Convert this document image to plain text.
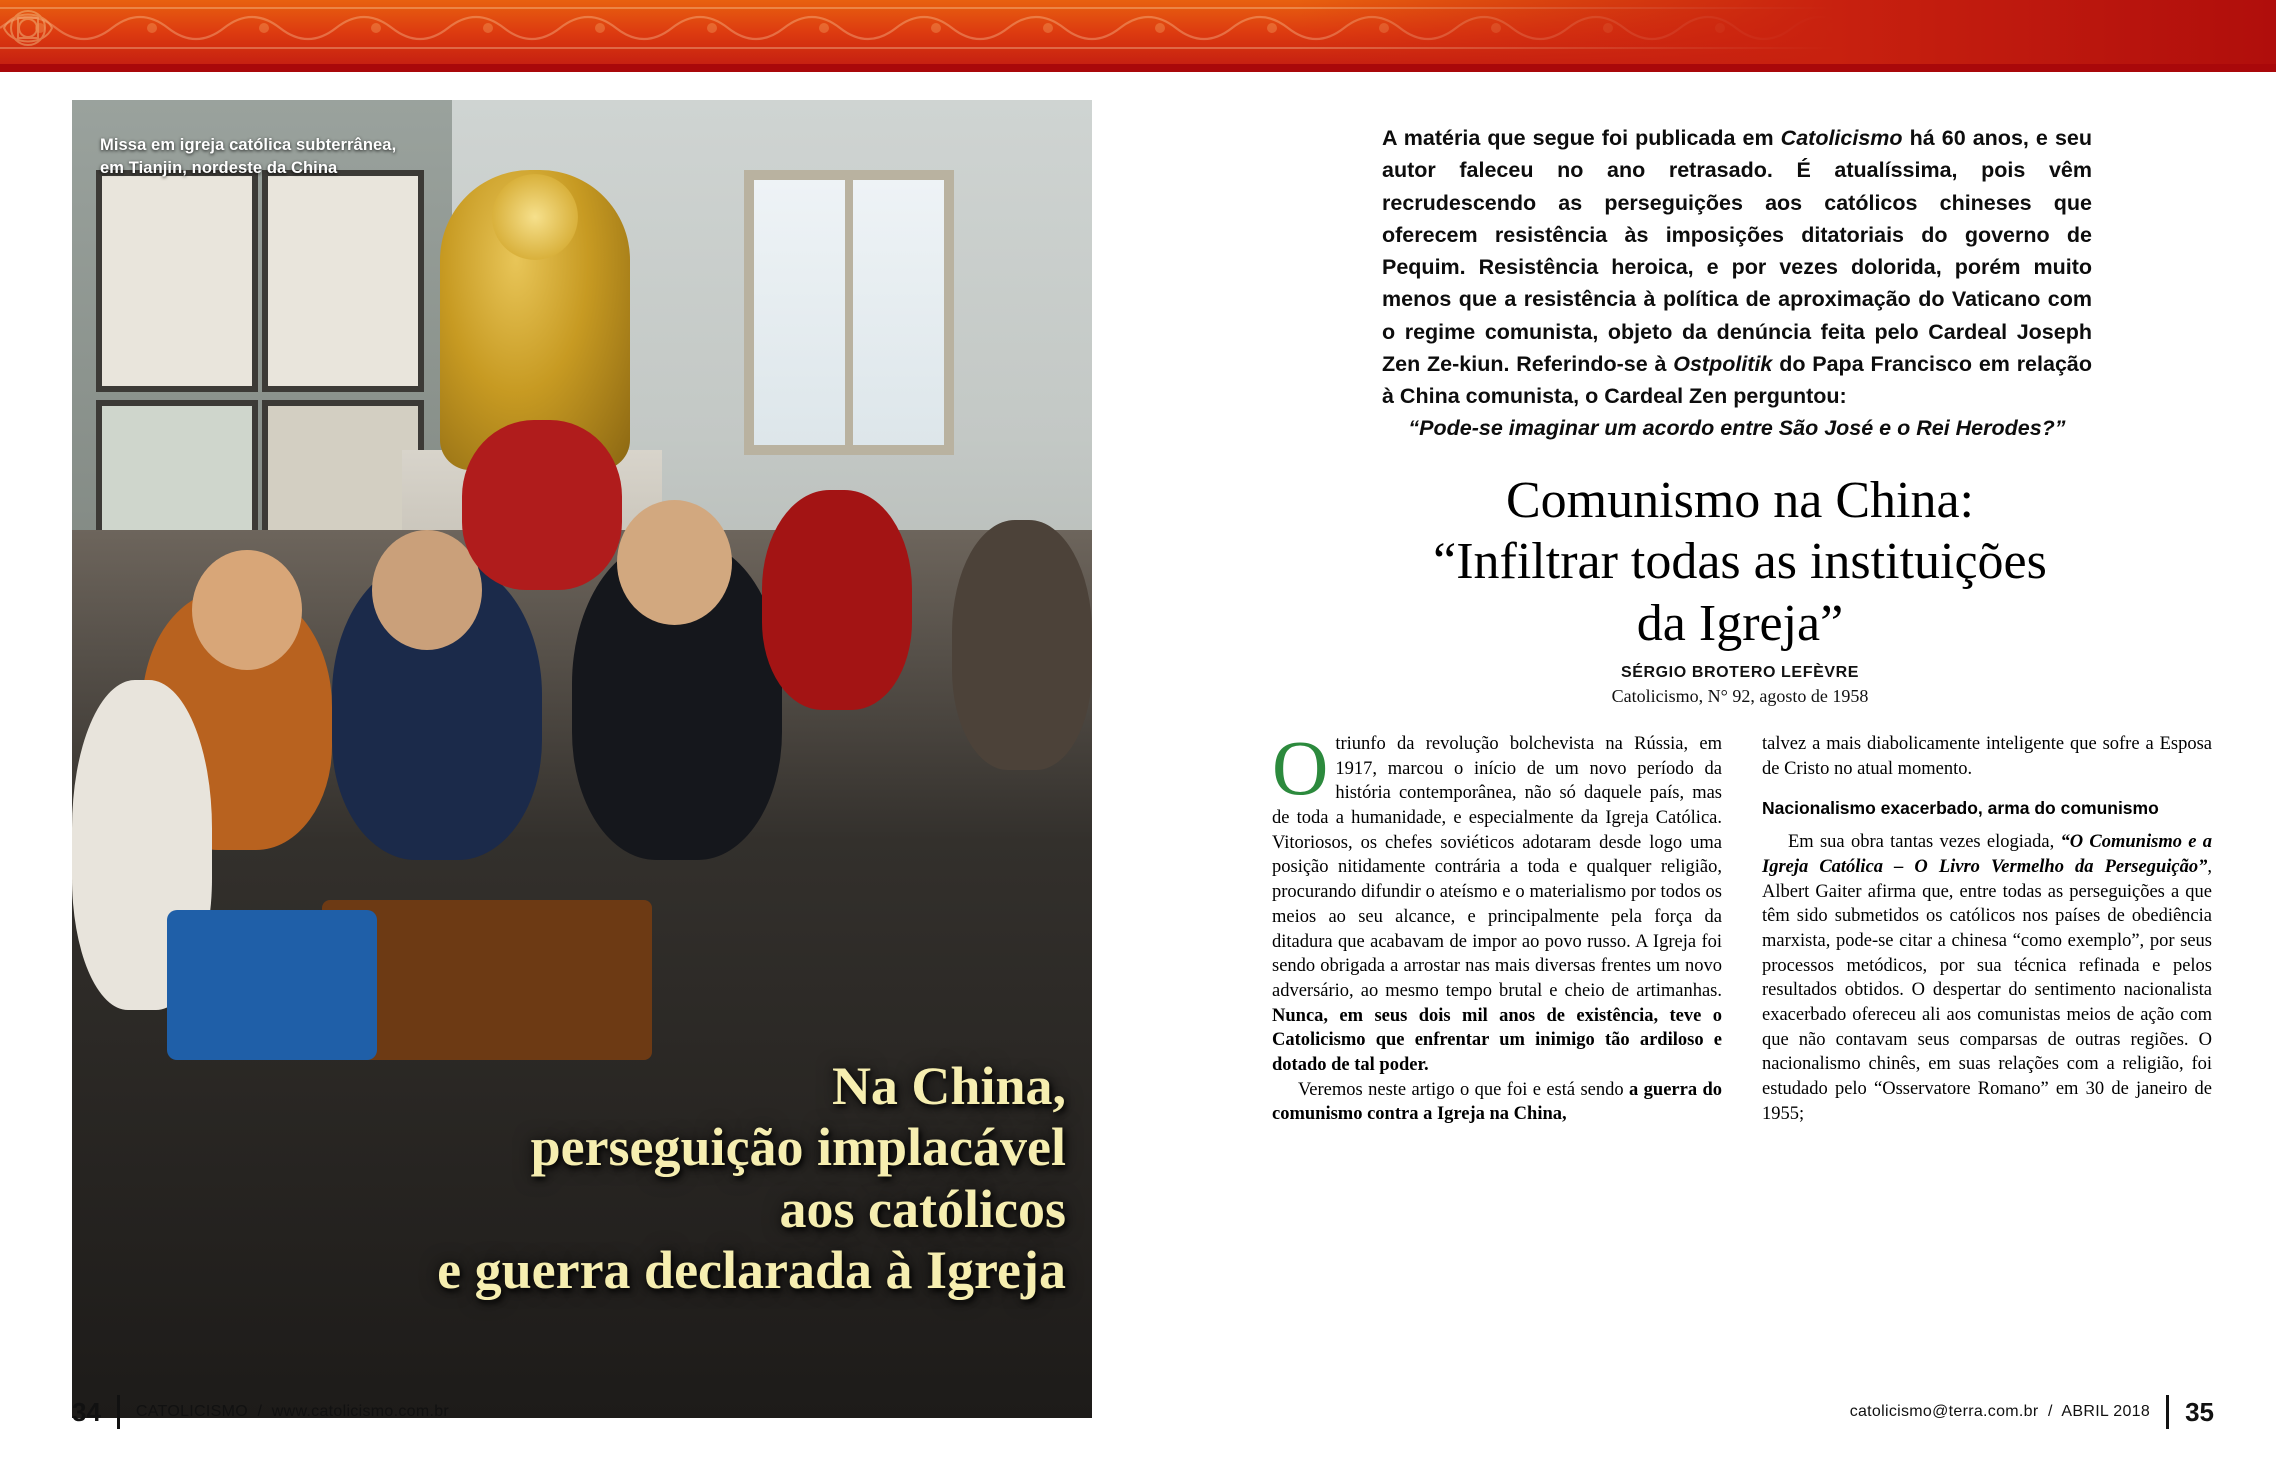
Missa em igreja católica subterrânea,
em Tianjin, nordeste da China
Na China,
perseguição implacável
aos católicos
e guerra declarada à Igreja
34 CATOLICISMO  /  www.catolicismo.com.br
A matéria que segue foi publicada em Catolicismo há 60 anos, e seu autor faleceu no ano retrasado. É atualíssima, pois vêm recrudescendo as perseguições aos católicos chineses que oferecem resistência às imposições ditatoriais do governo de Pequim. Resistência heroica, e por vezes dolorida, porém muito menos que a resistência à política de aproximação do Vaticano com o regime comunista, objeto da denúncia feita pelo Cardeal Joseph Zen Ze-kiun. Referindo-se à Ostpolitik do Papa Francisco em relação à China comunista, o Cardeal Zen perguntou:
“Pode-se imaginar um acordo entre São José e o Rei Herodes?”
Comunismo na China:
“Infiltrar todas as instituições
da Igreja”
SÉRGIO BROTERO LEFÈVRE
Catolicismo, N° 92, agosto de 1958

O triunfo da revolução bolchevista na Rússia, em 1917, marcou o início de um novo período da história contemporânea, não só daquele país, mas de toda a humanidade, e especialmente da Igreja Católica. Vitoriosos, os chefes soviéticos adotaram desde logo uma posição nitidamente contrária a toda e qualquer religião, procurando difundir o ateísmo e o materialismo por todos os meios ao seu alcance, e principalmente pela força da ditadura que acabavam de impor ao povo russo. A Igreja foi sendo obrigada a arrostar nas mais diversas frentes um novo adversário, ao mesmo tempo brutal e cheio de artimanhas. Nunca, em seus dois mil anos de existência, teve o Catolicismo que enfrentar um inimigo tão ardiloso e dotado de tal poder.

Veremos neste artigo o que foi e está sendo a guerra do comunismo contra a Igreja na China,

talvez a mais diabolicamente inteligente que sofre a Esposa de Cristo no atual momento.

Nacionalismo exacerbado, arma do comunismo

Em sua obra tantas vezes elogiada, “O Comunismo e a Igreja Católica – O Livro Vermelho da Perseguição”, Albert Gaiter afirma que, entre todas as perseguições a que têm sido submetidos os católicos nos países de obediência marxista, pode-se citar a chinesa “como exemplo”, por seus processos metódicos, por sua técnica refinada e pelos resultados obtidos. O despertar do sentimento nacionalista exacerbado ofereceu ali aos comunistas meios de ação com que não contavam seus comparsas de outras regiões. O nacionalismo chinês, em suas relações com a religião, foi estudado pelo “Osservatore Romano” em 30 de janeiro de 1955;

catolicismo@terra.com.br  /  ABRIL 2018 35
